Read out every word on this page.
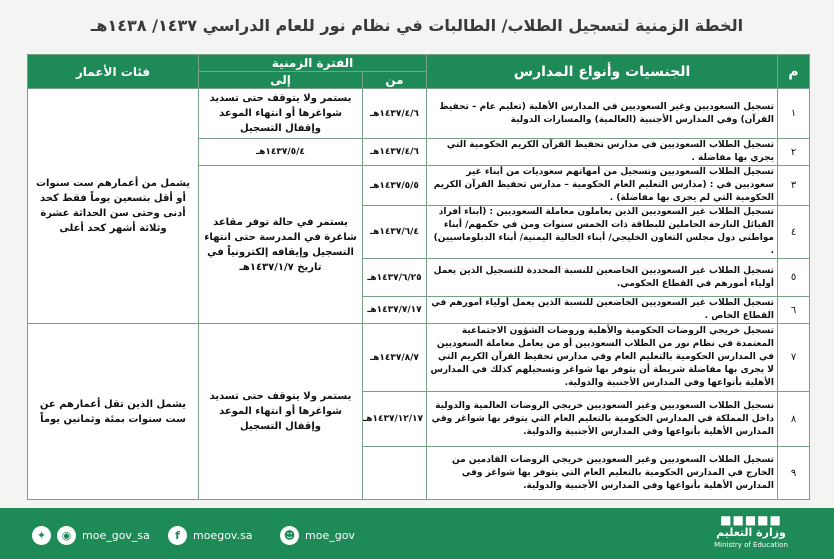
الخطة الزمنية لتسجيل الطلاب/ الطالبات في نظام نور للعام الدراسي ١٤٣٧/ ١٤٣٨هـ
م	الجنسيات وأنواع المدارس	الفترة الزمنية		فئات الأعمار
		من	إلى	
١	تسجيل السعوديين وغير السعوديين في المدارس الأهلية (تعليم عام – تحفيظ القرآن) وفي المدارس الأجنبية (العالمية) والمسارات الدولية	١٤٣٧/٤/٦هـ	يستمر ولا يتوقف حتى تسديد شواغرها أو انتهاء الموعد وإقفال التسجيل	يشمل من أعمارهم ست سنوات أو أقل بتسعين يوماً فقط كحد أدنى وحتى سن الحداثة عشرة وثلاثة أشهر كحد أعلى
٢	تسجيل الطلاب السعوديين في مدارس تحفيظ القرآن الكريم الحكومية التي يجري بها مفاضلة .	١٤٣٧/٤/٦هـ	١٤٣٧/٥/٤هـ	
٣	تسجيل الطلاب السعوديين وتسجيل من أمهاتهم سعوديات من أبناء غير سعوديين في : (مدارس التعليم العام الحكومية – مدارس تحفيظ القرآن الكريم الحكومية التي لم يجرى بها مفاضلة) .	١٤٣٧/٥/٥هـ	يستمر في حالة توفر مقاعد شاغرة في المدرسة حتى انتهاء التسجيل وإيقافه إلكترونياً في تاريخ ١٤٣٧/١/٧هـ	
٤	تسجيل الطلاب غير السعوديين الذين يعاملون معاملة السعوديين : (أبناء أفراد القبائل النازحة الحاملين للبطاقة ذات الخمس سنوات ومن في حكمهم/ أبناء مواطني دول مجلس التعاون الخليجي/ أبناء الجالية اليمنية/ أبناء الدبلوماسيين) .	١٤٣٧/٦/٤هـ		
٥	تسجيل الطلاب غير السعوديين الخاضعين للنسبة المحددة للتسجيل الذين يعمل أولياء أمورهم في القطاع الحكومي.	١٤٣٧/٦/٢٥هـ		
٦	تسجيل الطلاب غير السعوديين الخاضعين للنسبة الذين يعمل أولياء أمورهم في القطاع الخاص .	١٤٣٧/٧/١٧هـ		
٧	تسجيل خريجي الروضات الحكومية والأهلية وروضات الشؤون الاجتماعية المعتمدة في نظام نور من الطلاب السعوديين أو من يعامل معاملة السعوديين في المدارس الحكومية بالتعليم العام وفي مدارس تحفيظ القرآن الكريم التي لا يجرى بها مفاضلة شريطة أن يتوفر بها شواغر وتسجيلهم كذلك في المدارس الأهلية بأنواعها وفي المدارس الأجنبية والدولية.	١٤٣٧/٨/٧هـ	يستمر ولا يتوقف حتى تسديد شواغرها أو انتهاء الموعد وإقفال التسجيل	يشمل الذين تقل أعمارهم عن ست سنوات بمئة وثمانين يوماً
٨	تسجيل الطلاب السعوديين وغير السعوديين خريجي الروضات العالمية والدولية داخل المملكة في المدارس الحكومية بالتعليم العام التي يتوفر بها شواغر وفي المدارس الأهلية بأنواعها وفي المدارس الأجنبية والدولية.	١٤٣٧/١٢/١٧هـ		
٩	تسجيل الطلاب السعوديين وغير السعوديين خريجي الروضات القادمين من الخارج في المدارس الحكومية بالتعليم العام التي يتوفر بها شواغر وفي المدارس الأهلية بأنواعها وفي المدارس الأجنبية والدولية.			
✦	◉ moe_gov_sa	f	moegov.sa	☻ moe_gov
■■■■■
وزارة التعليم
Ministry of Education
